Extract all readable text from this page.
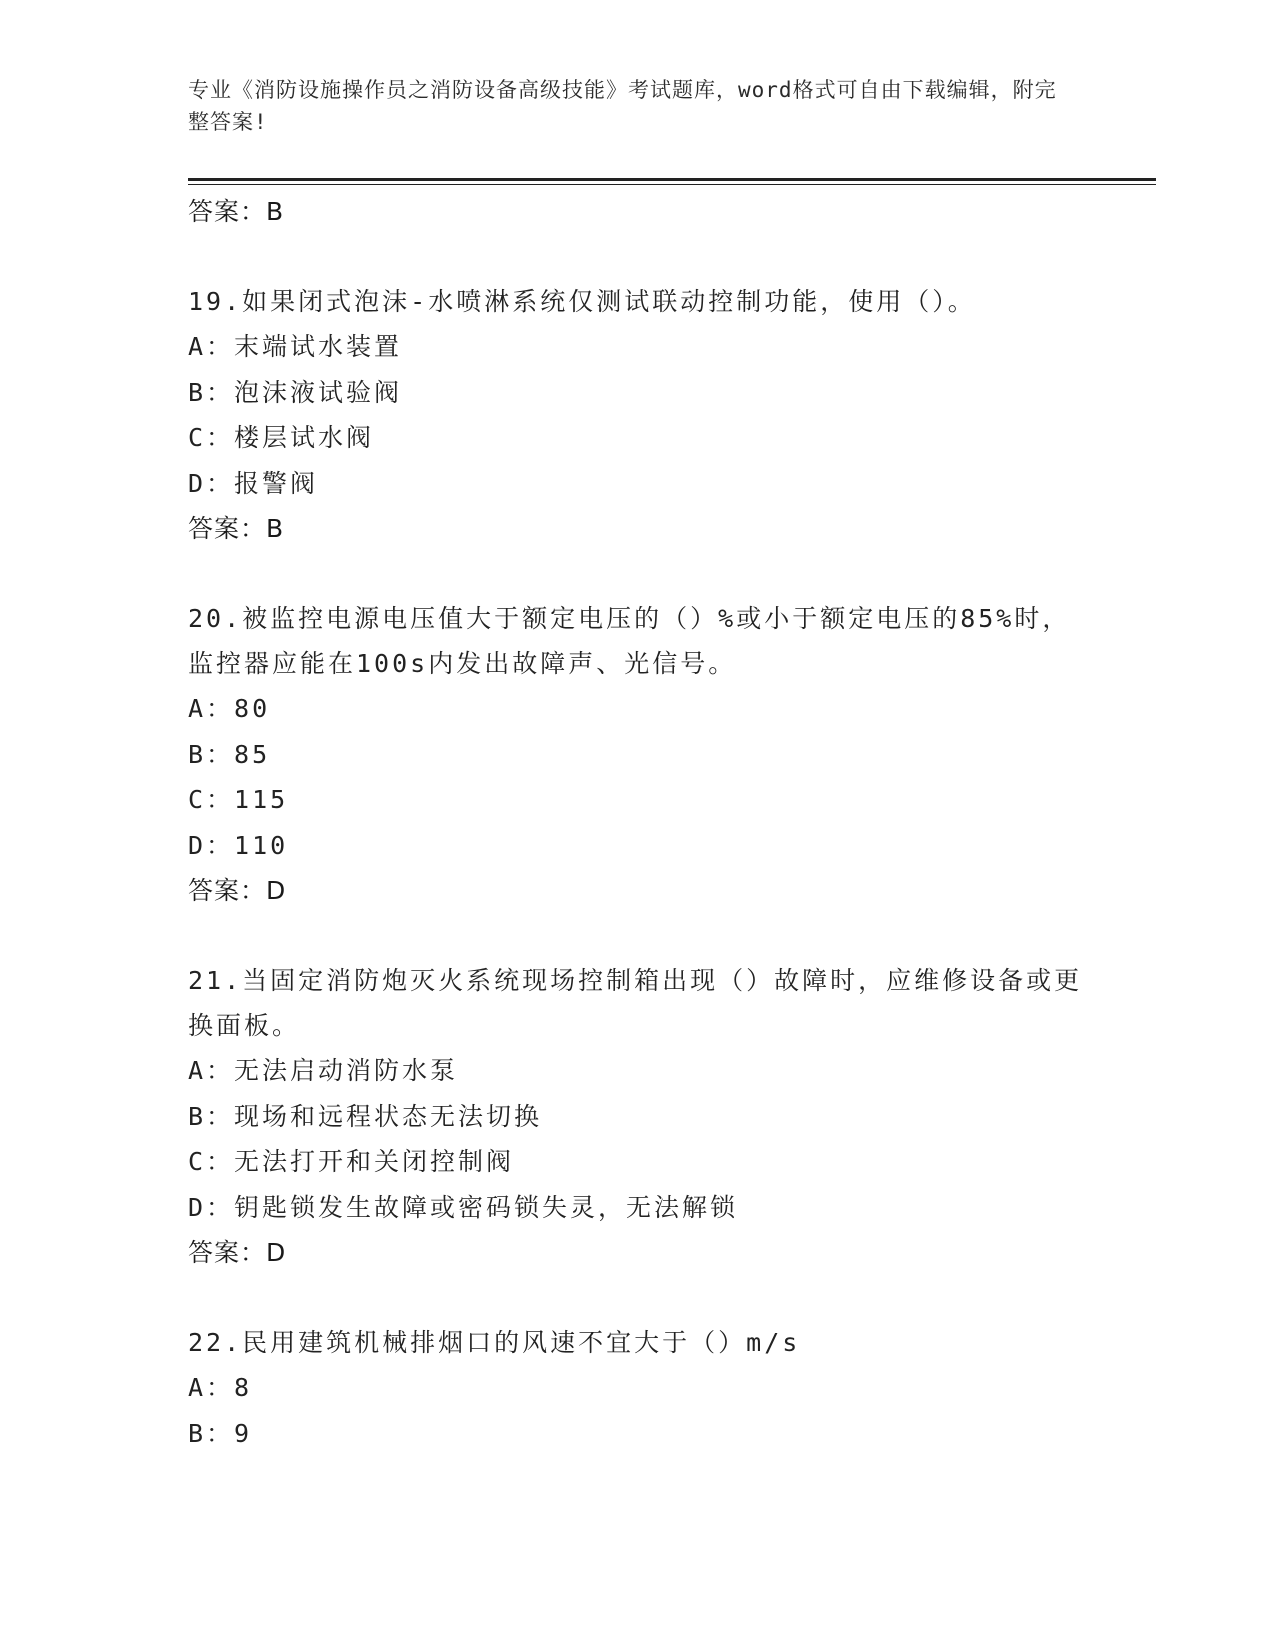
专业《消防设施操作员之消防设备高级技能》考试题库，word格式可自由下载编辑，附完整答案!
答案：B
19.如果闭式泡沫-水喷淋系统仅测试联动控制功能，使用（）。
A：末端试水装置
B：泡沫液试验阀
C：楼层试水阀
D：报警阀
答案：B
20.被监控电源电压值大于额定电压的（）%或小于额定电压的85%时，监控器应能在100s内发出故障声、光信号。
A：80
B：85
C：115
D：110
答案：D
21.当固定消防炮灭火系统现场控制箱出现（）故障时，应维修设备或更换面板。
A：无法启动消防水泵
B：现场和远程状态无法切换
C：无法打开和关闭控制阀
D：钥匙锁发生故障或密码锁失灵，无法解锁
答案：D
22.民用建筑机械排烟口的风速不宜大于（）m/s
A：8
B：9
